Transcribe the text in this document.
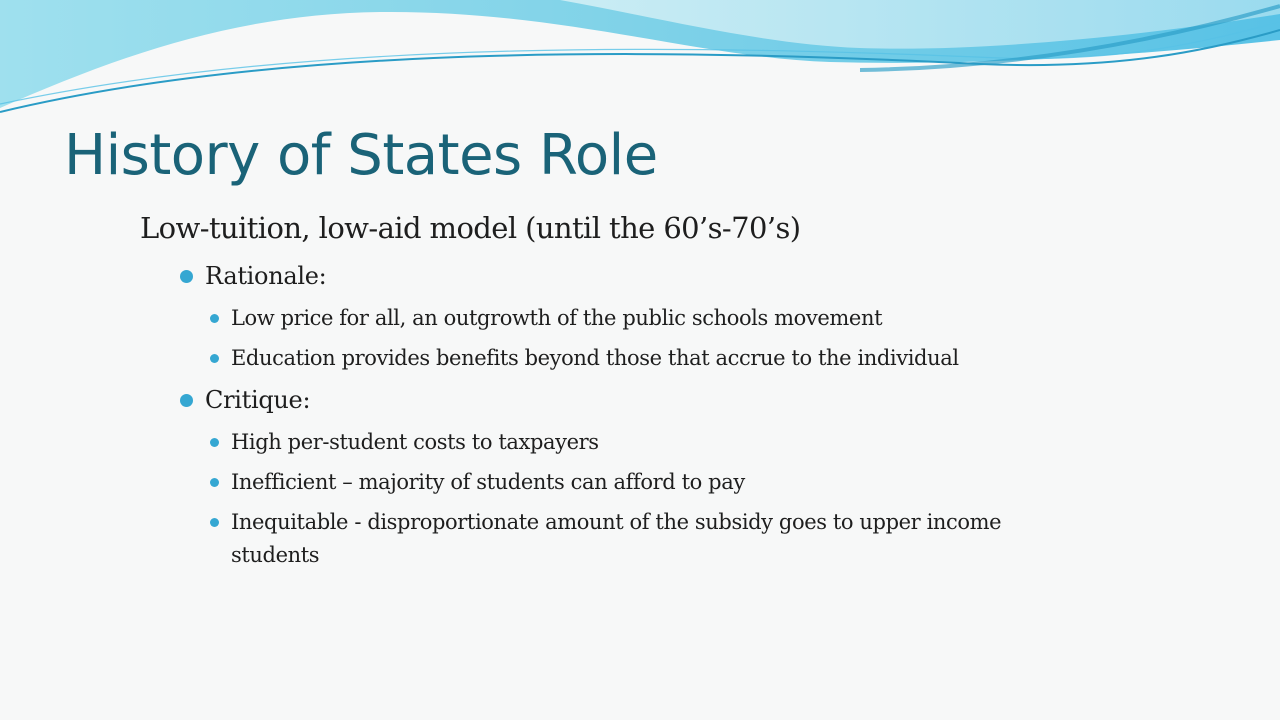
History of States Role

Low-tuition, low-aid model (until the 60’s-70’s)

Rationale:
Low price for all, an outgrowth of the public schools movement
Education provides benefits beyond those that accrue to the individual
Critique:
High per-student costs to taxpayers
Inefficient – majority of students can afford to pay
Inequitable - disproportionate amount of the subsidy goes to upper income students
